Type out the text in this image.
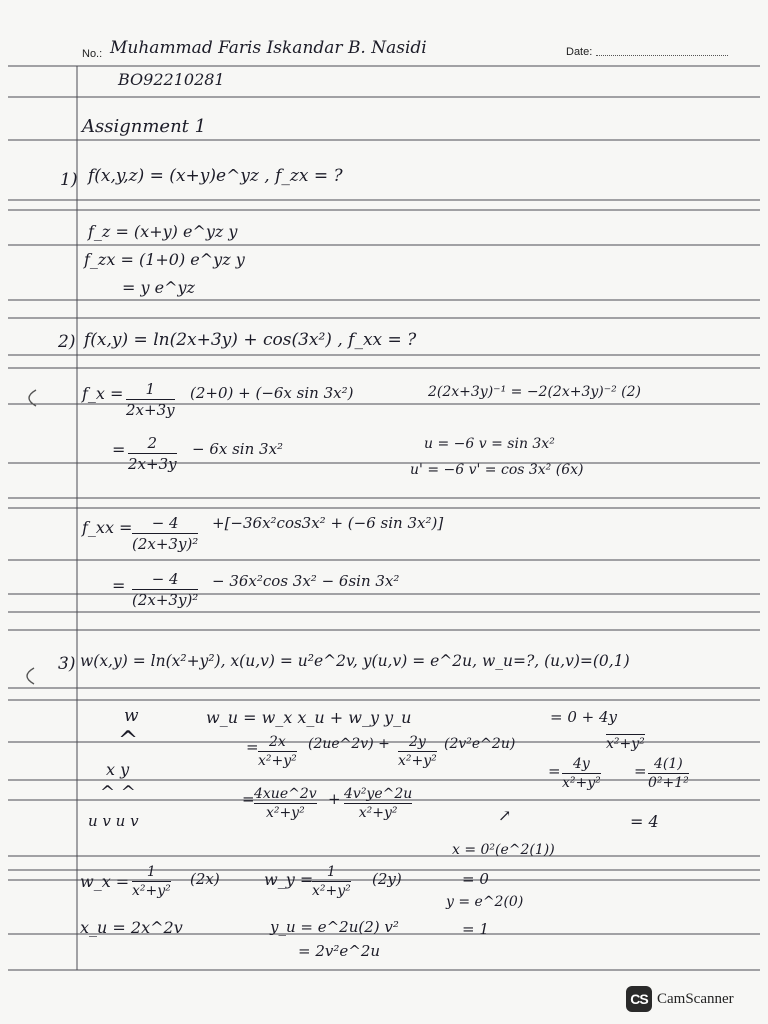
No.: Muhammad Faris Iskandar B. Nasidi	Date:
BO92210281
Assignment 1
1) f(x,y,z) = (x+y)e^yz , f_zx = ?
f_z = (x+y) e^yz y
f_zx = (1+0) e^yz y
= y e^yz
2) f(x,y) = ln(2x+3y) + cos(3x²) , f_xx = ?
f_x = 1
2x+3y
(2+0) + (−6x sin 3x²)	2(2x+3y)⁻¹ = −2(2x+3y)⁻² (2)
= 2
2x+3y
− 6x sin 3x²	u = −6 v = sin 3x²
u' = −6 v' = cos 3x² (6x)
f_xx = − 4
(2x+3y)²
+[−36x²cos3x² + (−6 sin 3x²)]
= − 4
(2x+3y)²
− 36x²cos 3x² − 6sin 3x²
3) w(x,y) = ln(x²+y²), x(u,v) = u²e^2v, y(u,v) = e^2u, w_u=?, (u,v)=(0,1)
w
^
x y
^ ^
u v u v
w_u = w_x x_u + w_y y_u
= 2x
x²+y²
(2ue^2v) + 2y
x²+y²
(2v²e^2u)
= 4xue^2v
x²+y²
+ 4v²ye^2u
x²+y²
= 0 + 4y
x²+y²
= 4y
x²+y²
= 4(1)
0²+1²
= 4
↗
x = 0²(e^2(1))
= 0
y = e^2(0)
= 1
w_x = 1
x²+y²
(2x)	w_y = 1
x²+y²
(2y)
x_u = 2x^2v	y_u = e^2u(2) v²
= 2v²e^2u
CS CamScanner
